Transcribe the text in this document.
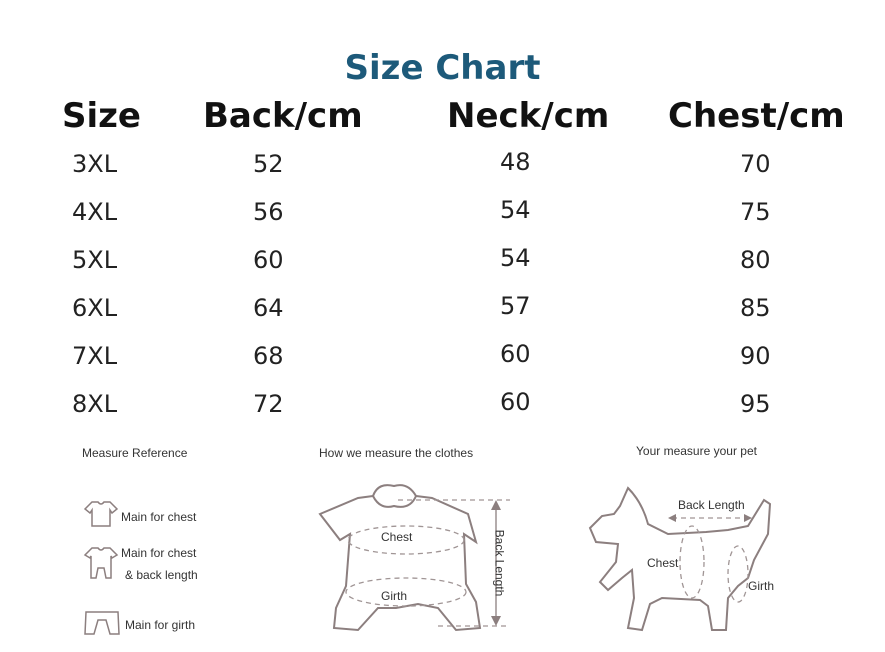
Size Chart
Size Back/cm Neck/cm Chest/cm
3XL	52	48	70
4XL	56	54	75
5XL	60	54	80
6XL	64	57	85
7XL	68	60	90
8XL	72	60	95
Measure Reference
Main for chest
Main for chest
& back length
Main for girth
How we measure the clothes
Chest
Girth	Back Length
Your measure your pet
Back Length
Chest
Girth
